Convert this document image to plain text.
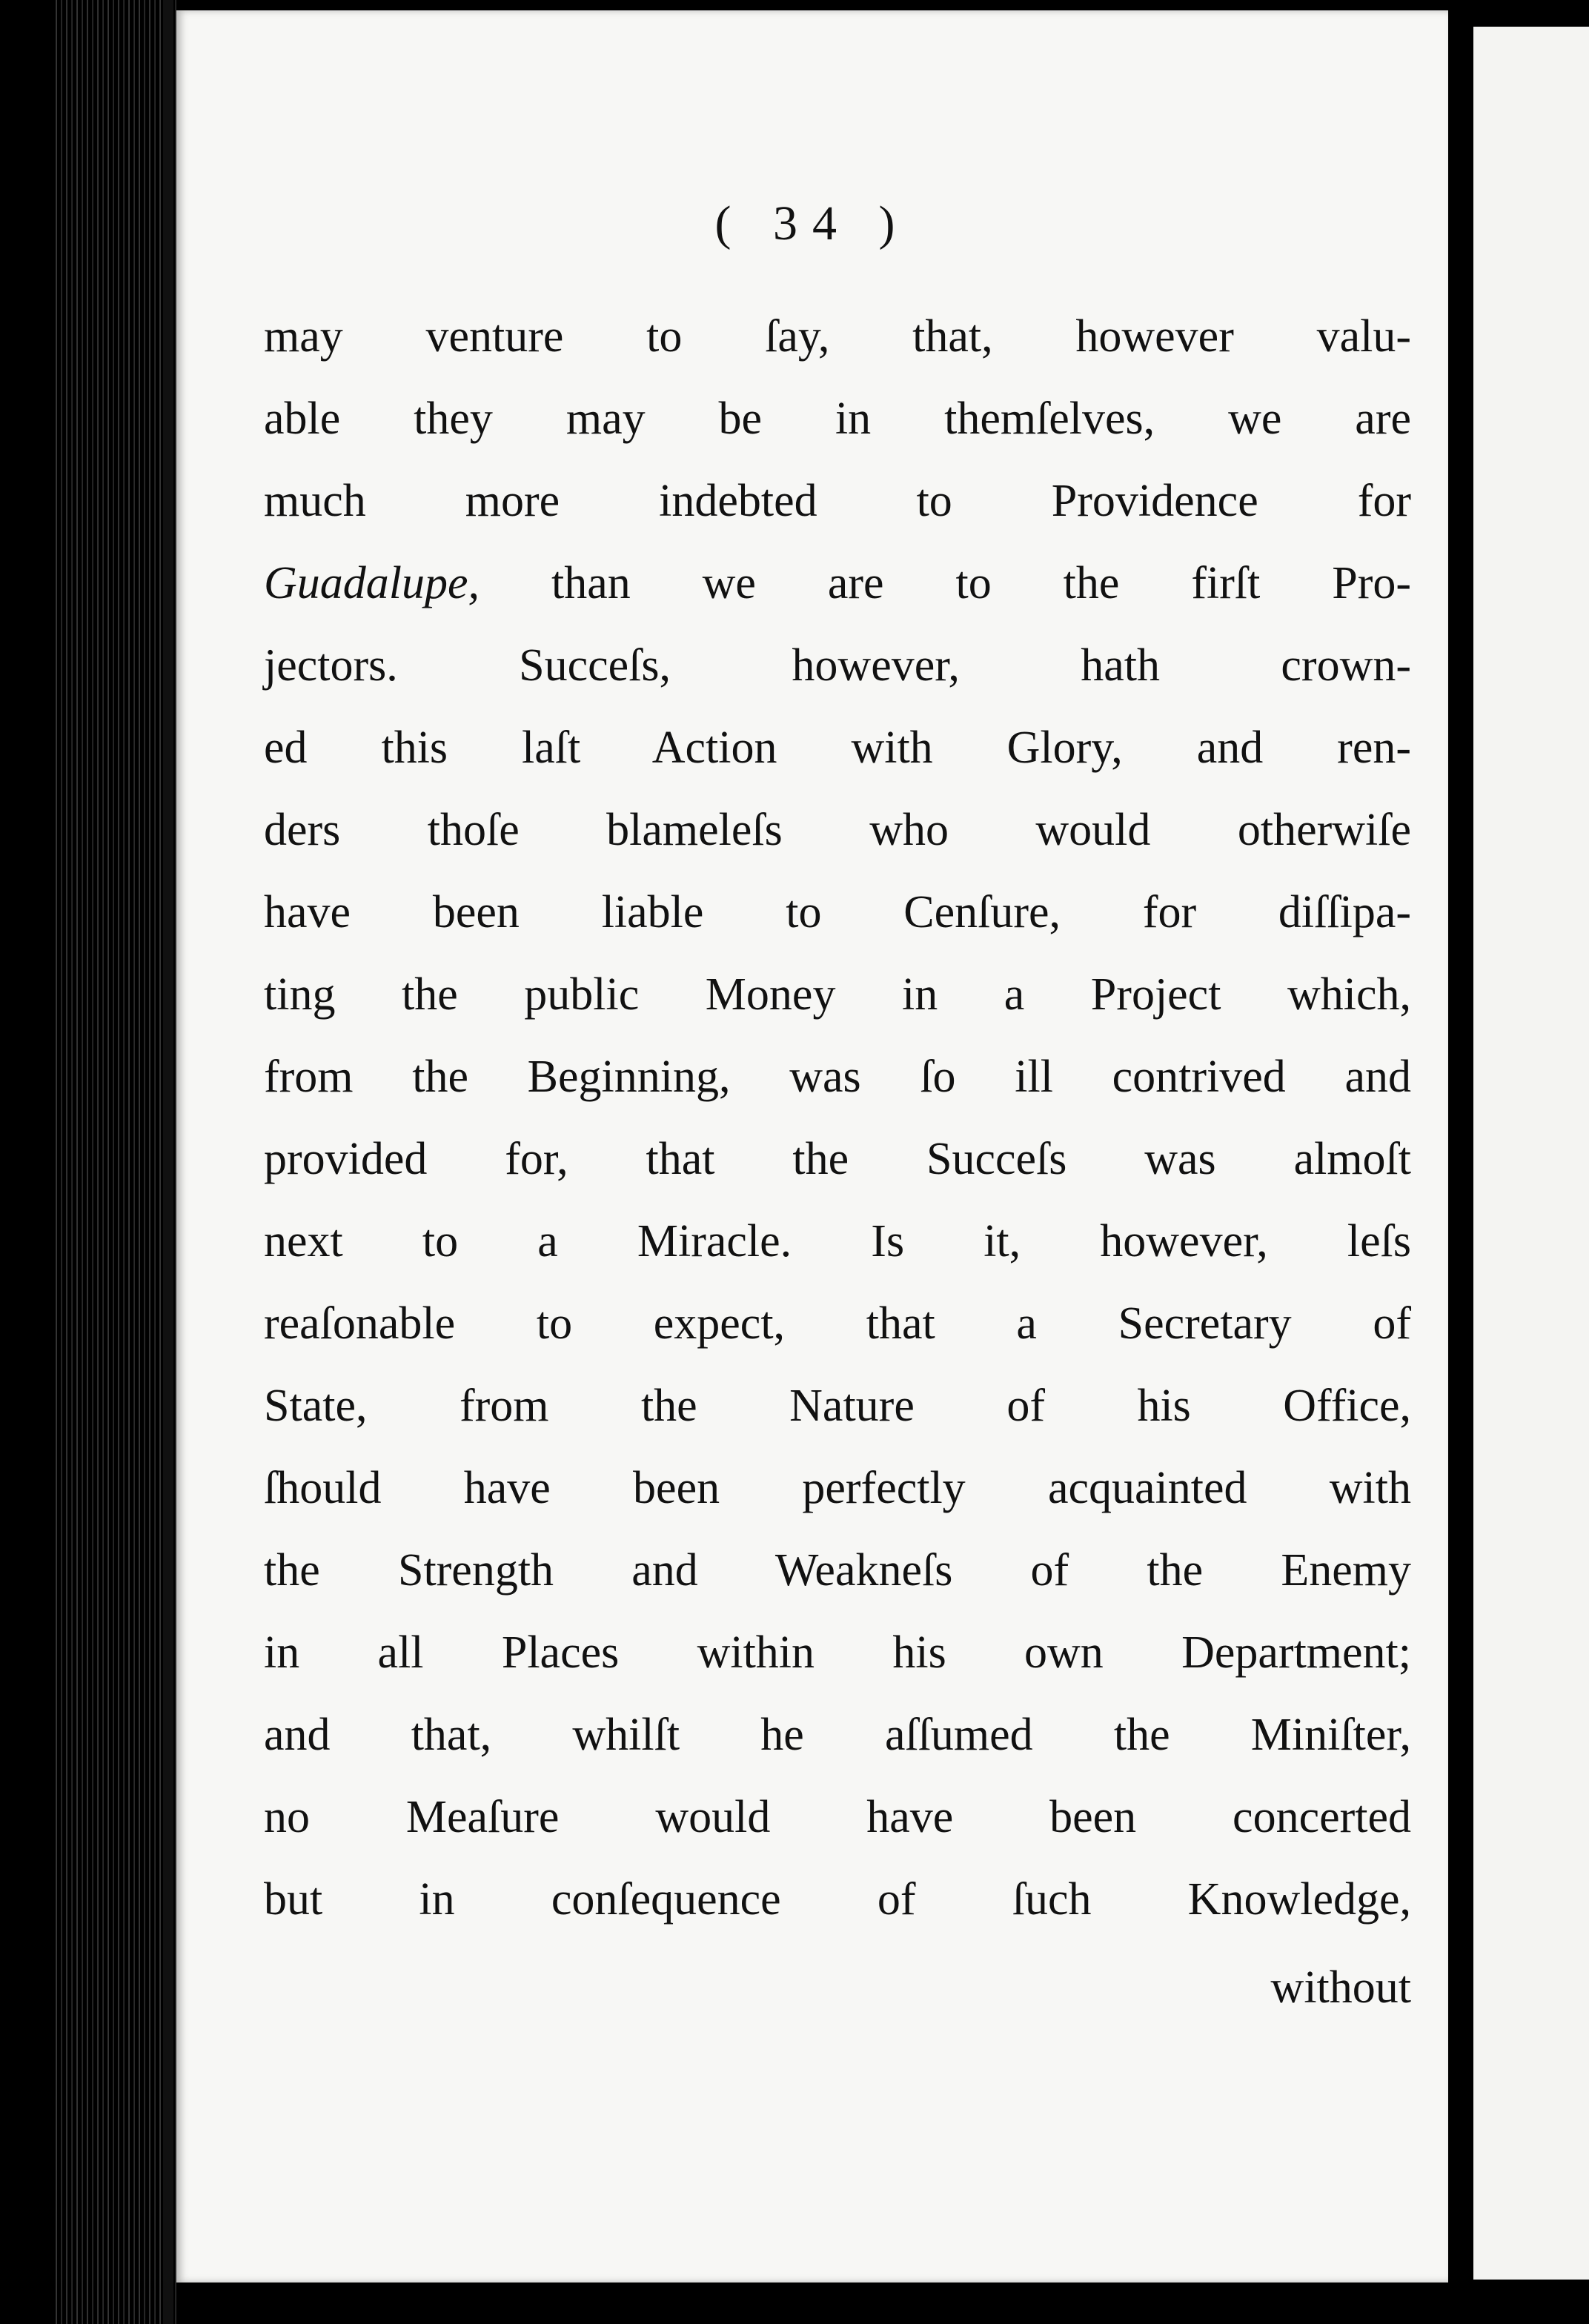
( 34 )
may venture to ſay, that, however valu-
able they may be in themſelves, we are
much more indebted to Providence for
Guadalupe, than we are to the firſt Pro-
jectors. Succeſs, however, hath crown-
ed this laſt Action with Glory, and ren-
ders thoſe blameleſs who would otherwiſe
have been liable to Cenſure, for diſſipa-
ting the public Money in a Project which,
from the Beginning, was ſo ill contrived and
provided for, that the Succeſs was almoſt
next to a Miracle. Is it, however, leſs
reaſonable to expect, that a Secretary of
State, from the Nature of his Office,
ſhould have been perfectly acquainted with
the Strength and Weakneſs of the Enemy
in all Places within his own Department;
and that, whilſt he aſſumed the Miniſter,
no Meaſure would have been concerted
but in conſequence of ſuch Knowledge,
without
